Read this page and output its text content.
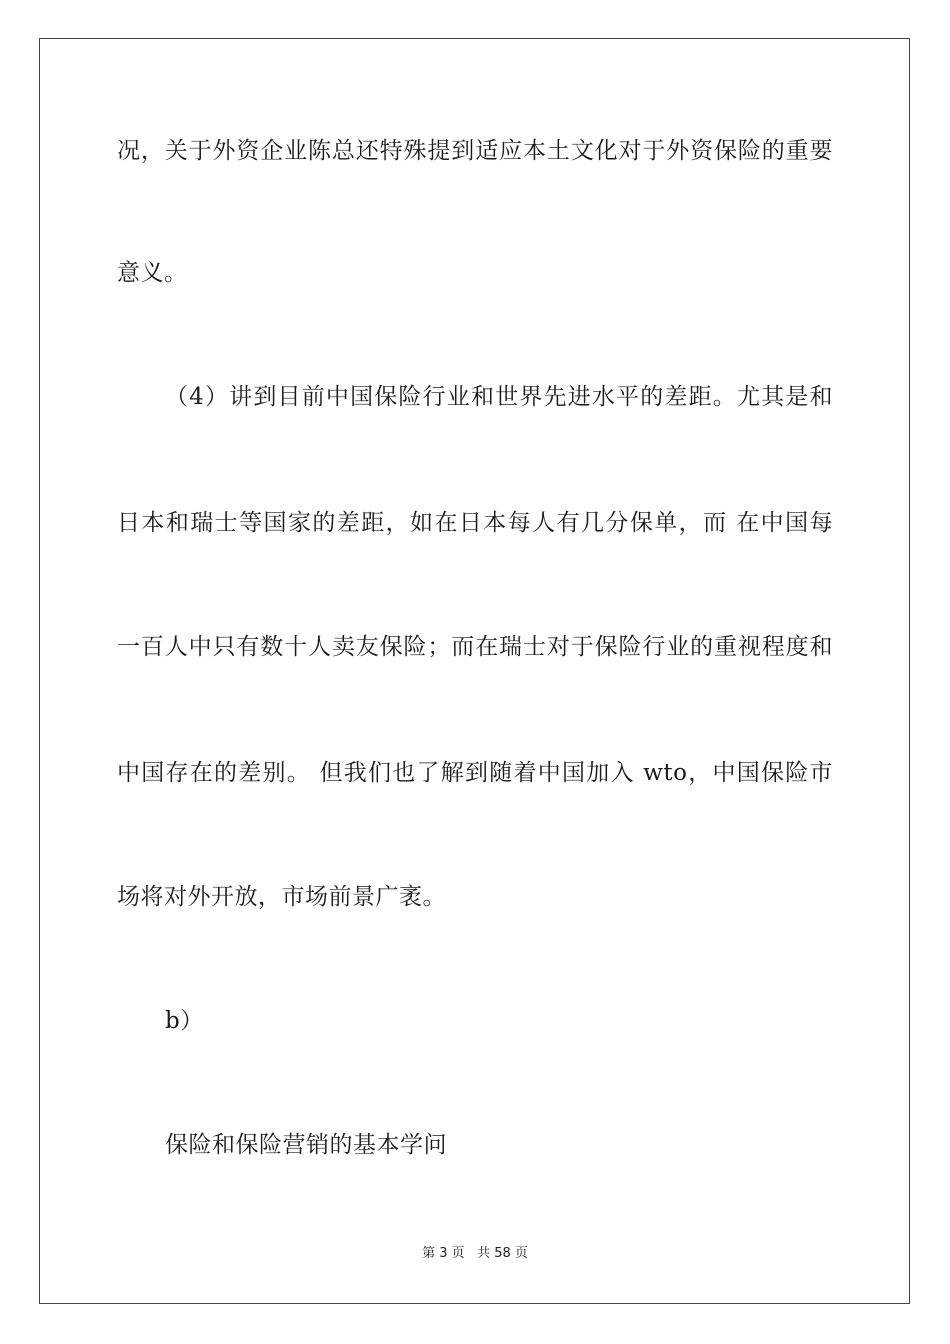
况，关于外资企业陈总还特殊提到适应本土文化对于外资保险的重要
意义。
（4）讲到目前中国保险行业和世界先进水平的差距。尤其是和
日本和瑞士等国家的差距，如在日本每人有几分保单，而 在中国每
一百人中只有数十人卖友保险；而在瑞士对于保险行业的重视程度和
中国存在的差别。 但我们也了解到随着中国加入 wto，中国保险市
场将对外开放，市场前景广袤。
b）
保险和保险营销的基本学问
第 3 页 共 58 页
